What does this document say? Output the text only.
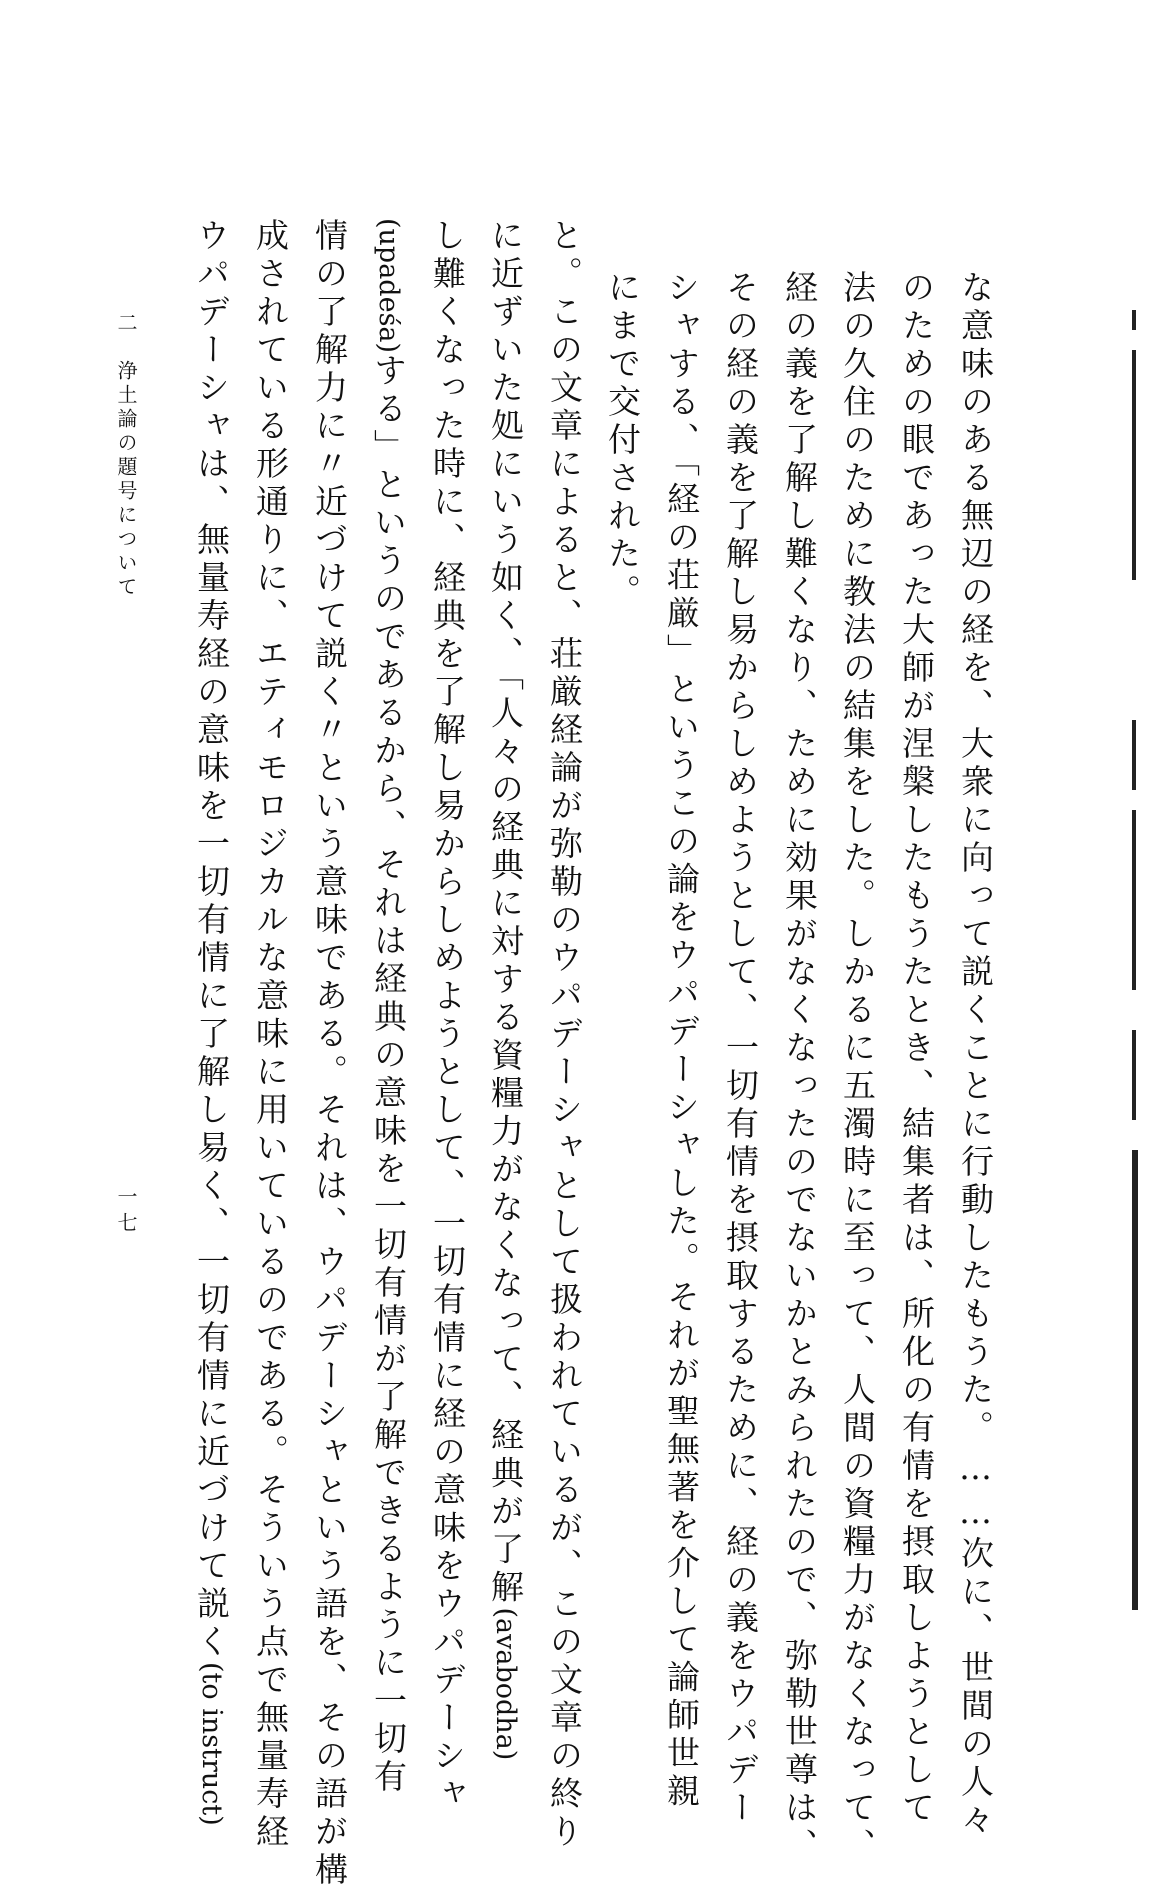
な意味のある無辺の経を、大衆に向って説くことに行動したもうた。……次に、世間の人々
のための眼であった大師が涅槃したもうたとき、結集者は、所化の有情を摂取しようとして
法の久住のために教法の結集をした。しかるに五濁時に至って、人間の資糧力がなくなって、
経の義を了解し難くなり、ために効果がなくなったのでないかとみられたので、弥勒世尊は、
その経の義を了解し易からしめようとして、一切有情を摂取するために、経の義をウパデー
シャする、「経の荘厳」というこの論をウパデーシャした。それが聖無著を介して論師世親
にまで交付された。
と。この文章によると、荘厳経論が弥勒のウパデーシャとして扱われているが、この文章の終り
に近ずいた処にいう如く、「人々の経典に対する資糧力がなくなって、経典が了解(avabodha)
し難くなった時に、経典を了解し易からしめようとして、一切有情に経の意味をウパデーシャ
(upadeśa)する」というのであるから、それは経典の意味を一切有情が了解できるように一切有
情の了解力に〃近づけて説く〃という意味である。それは、ウパデーシャという語を、その語が構
成されている形通りに、エティモロジカルな意味に用いているのである。そういう点で無量寿経
ウパデーシャは、無量寿経の意味を一切有情に了解し易く、一切有情に近づけて説く(to instruct)
二　浄土論の題号について
一七
